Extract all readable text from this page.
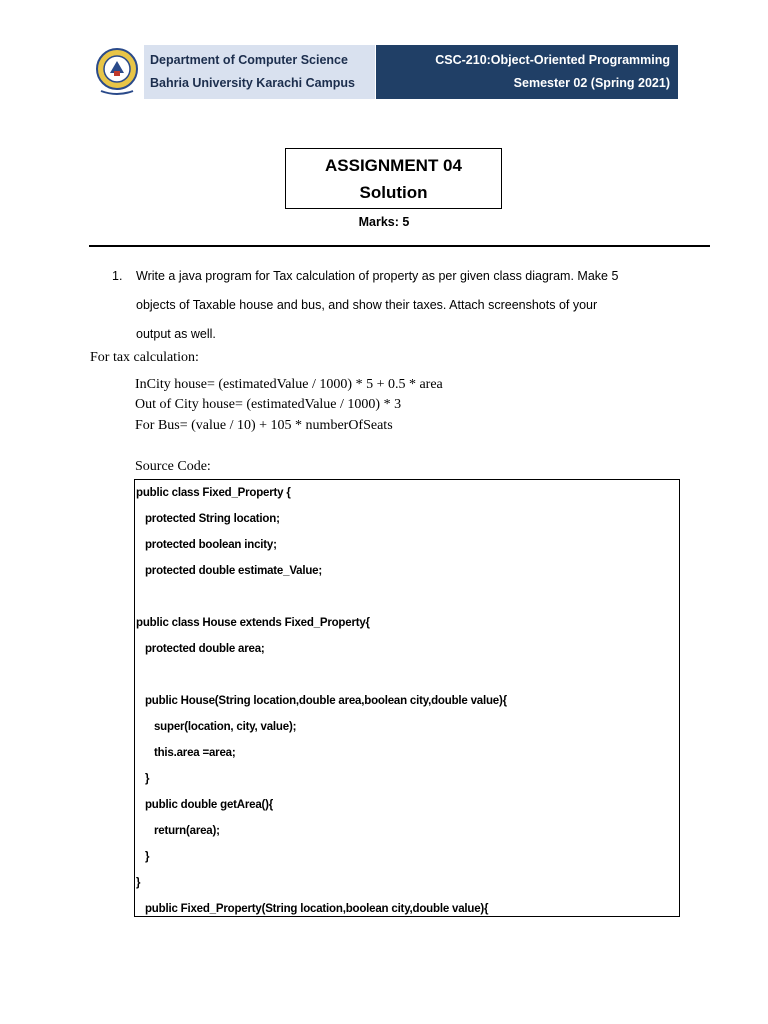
Department of Computer Science
Bahria University Karachi Campus
CSC-210:Object-Oriented Programming
Semester 02 (Spring 2021)
ASSIGNMENT 04
Solution
Marks: 5
1. Write a java program for Tax calculation of property as per given class diagram. Make 5
objects of Taxable house and bus, and show their taxes. Attach screenshots of your
output as well.
For tax calculation:
InCity house= (estimatedValue / 1000) * 5 + 0.5 * area
Out of City house= (estimatedValue / 1000) * 3
For Bus= (value / 10) + 105 * numberOfSeats
Source Code:
public class Fixed_Property {
protected String location;
protected boolean incity;
protected double estimate_Value;
public class House extends Fixed_Property{
protected double area;
public House(String location,double area,boolean city,double value){
super(location, city, value);
this.area =area;
}
public double getArea(){
return(area);
}
}
public Fixed_Property(String location,boolean city,double value){
